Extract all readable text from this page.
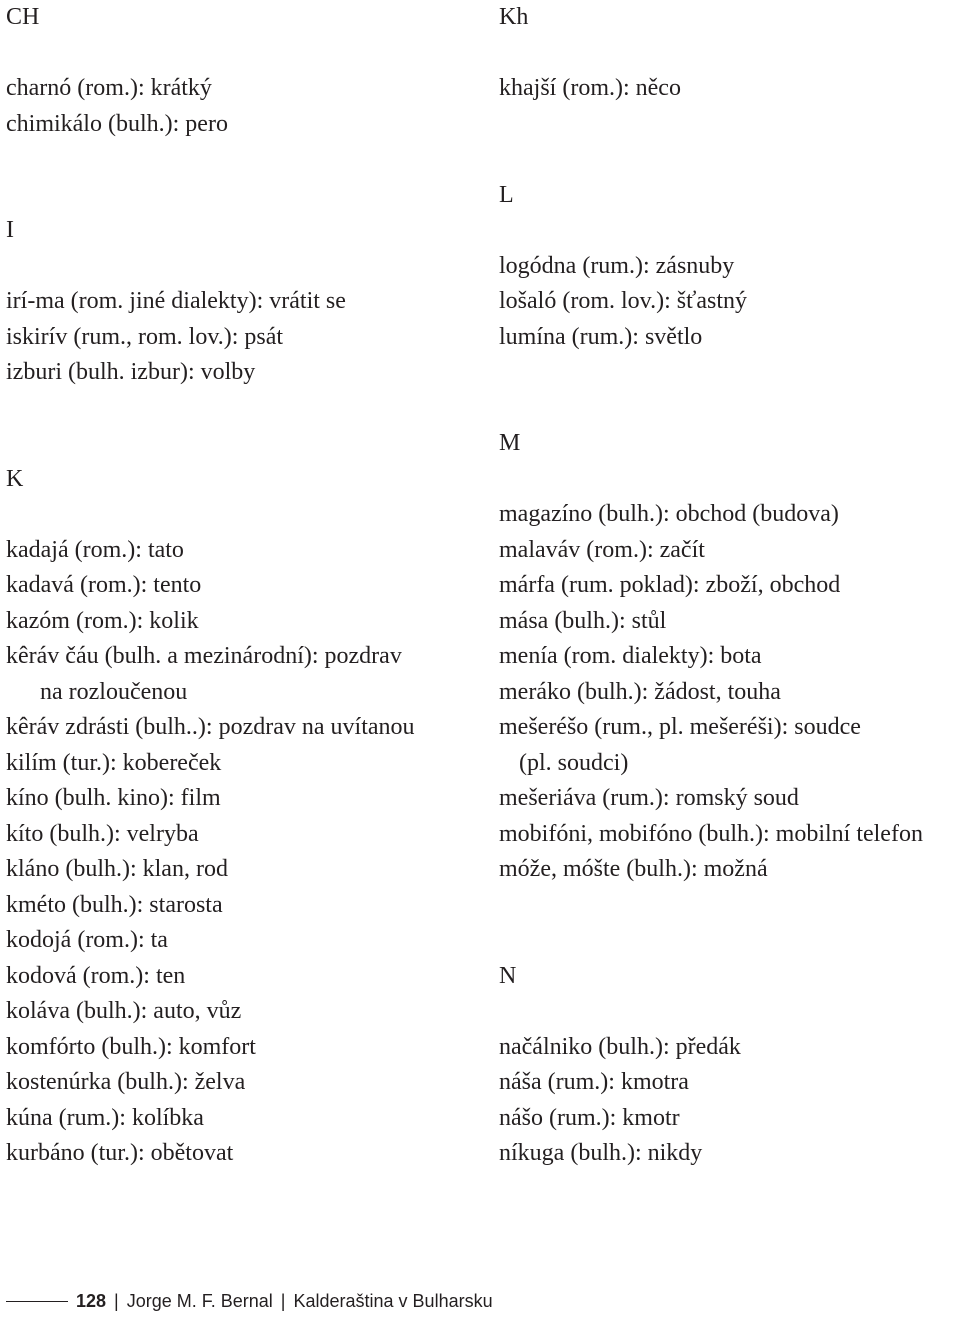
CH
charnó (rom.): krátký
chimikálo (bulh.): pero
I
irí-ma (rom. jiné dialekty): vrátit se
iskirív (rum., rom. lov.): psát
izburi (bulh. izbur): volby
K
kadajá (rom.): tato
kadavá (rom.): tento
kazóm (rom.): kolik
kêráv čáu (bulh. a mezinárodní): pozdrav
na rozloučenou
kêráv zdrásti (bulh..): pozdrav na uvítanou
kilím (tur.): kobereček
kíno (bulh. kino): film
kíto (bulh.): velryba
kláno (bulh.): klan, rod
kméto (bulh.): starosta
kodojá (rom.): ta
kodová (rom.): ten
koláva (bulh.): auto, vůz
komfórto (bulh.): komfort
kostenúrka (bulh.): želva
kúna (rum.): kolíbka
kurbáno (tur.): obětovat
Kh
khajší (rom.): něco
L
logódna (rum.): zásnuby
lošaló (rom. lov.): šťastný
lumína (rum.): světlo
M
magazíno (bulh.): obchod (budova)
malaváv (rom.): začít
márfa (rum. poklad): zboží, obchod
mása (bulh.): stůl
menía (rom. dialekty): bota
meráko (bulh.): žádost, touha
mešeréšo (rum., pl. mešeréši): soudce
(pl. soudci)
mešeriáva (rum.): romský soud
mobifóni, mobifóno (bulh.): mobilní telefon
móže, móšte (bulh.): možná
N
načálniko (bulh.): předák
náša (rum.): kmotra
nášo (rum.): kmotr
níkuga (bulh.): nikdy
128 | Jorge M. F. Bernal | Kalderaština v Bulharsku
